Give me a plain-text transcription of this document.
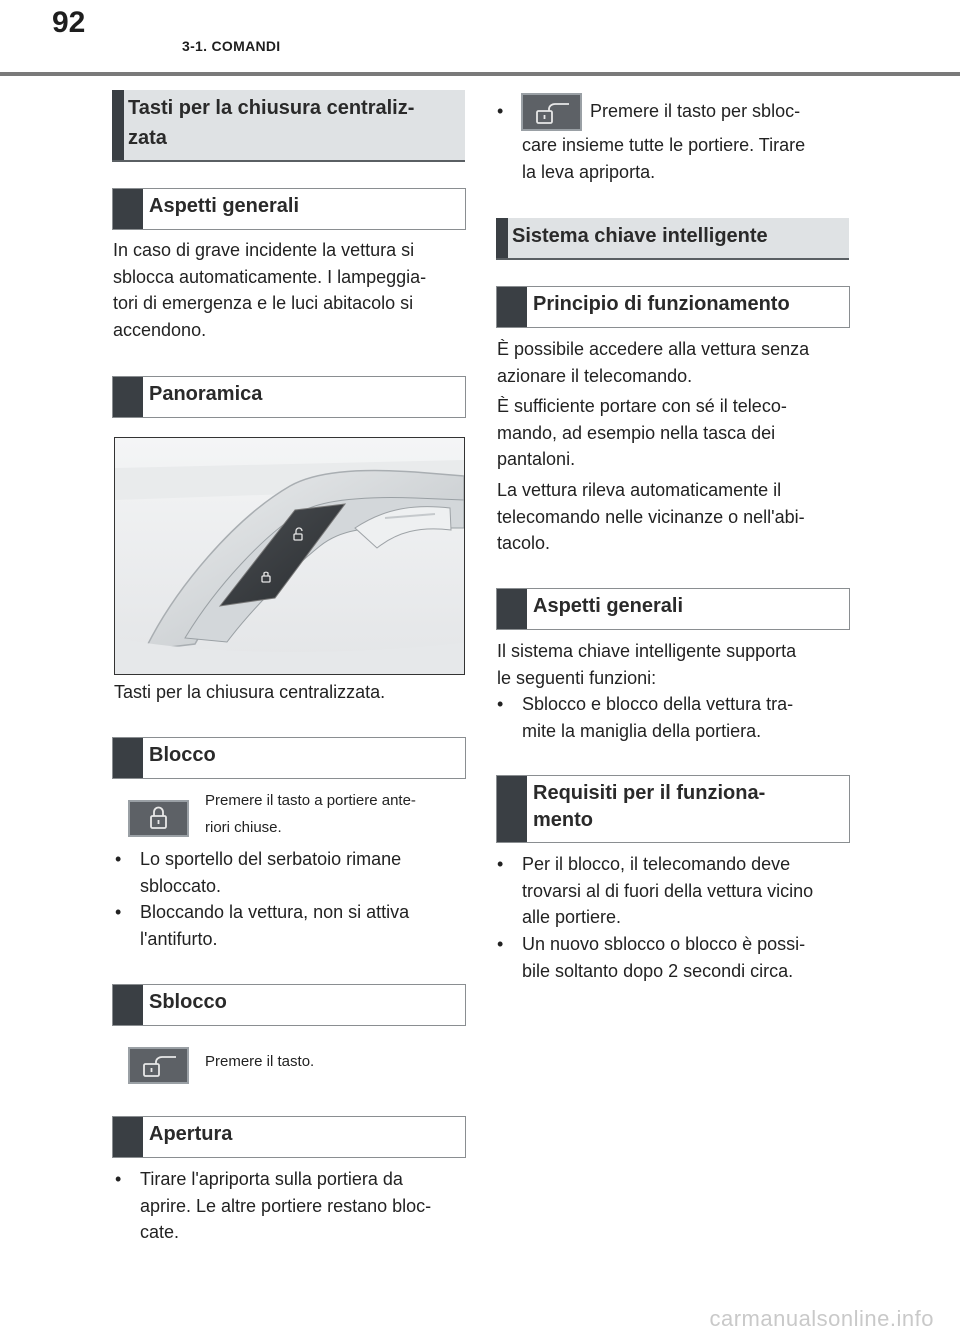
92
3-1. COMANDI
Tasti per la chiusura centraliz-
zata
Aspetti generali
In caso di grave incidente la vettura si
sblocca automaticamente. I lampeggia-
tori di emergenza e le luci abitacolo si
accendono.
Panoramica
Tasti per la chiusura centralizzata.
Blocco
Premere il tasto a portiere ante-
riori chiuse.
• Lo sportello del serbatoio rimane
sbloccato.
• Bloccando la vettura, non si attiva
l'antifurto.
Sblocco
Premere il tasto.
Apertura
• Tirare l'apriporta sulla portiera da
aprire. Le altre portiere restano bloc-
cate.
•	Premere il tasto per sbloc-
care insieme tutte le portiere. Tirare
la leva apriporta.
Sistema chiave intelligente
Principio di funzionamento
È possibile accedere alla vettura senza
azionare il telecomando.
È sufficiente portare con sé il teleco-
mando, ad esempio nella tasca dei
pantaloni.
La vettura rileva automaticamente il
telecomando nelle vicinanze o nell'abi-
tacolo.
Aspetti generali
Il sistema chiave intelligente supporta
le seguenti funzioni:
• Sblocco e blocco della vettura tra-
mite la maniglia della portiera.
Requisiti per il funziona-
mento
• Per il blocco, il telecomando deve
trovarsi al di fuori della vettura vicino
alle portiere.
• Un nuovo sblocco o blocco è possi-
bile soltanto dopo 2 secondi circa.
carmanualsonline.info
